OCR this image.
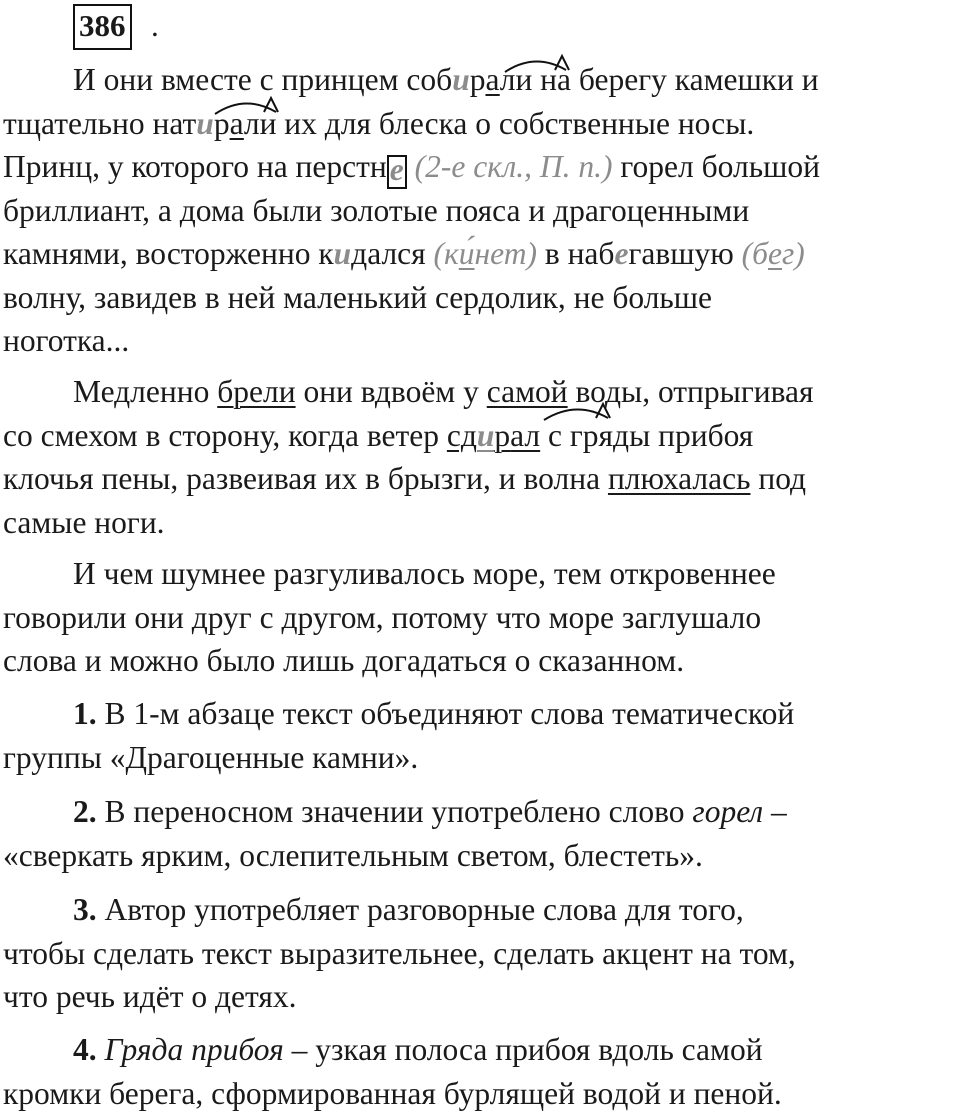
386 .
И они вместе с принцем собирали на берегу камешки и
тщательно натирали их для блеска о собственные носы.
Принц, у которого на перстне (2-е скл., П. п.) горел большой
бриллиант, а дома были золотые пояса и драгоценными
камнями, восторженно кидался (ки́нет) в набегавшую (бег)
волну, завидев в ней маленький сердолик, не больше
ноготка...
Медленно брели они вдвоём у самой воды, отпрыгивая
со смехом в сторону, когда ветер сдирал с гряды прибоя
клочья пены, развеивая их в брызги, и волна плюхалась под
самые ноги.
И чем шумнее разгуливалось море, тем откровеннее
говорили они друг с другом, потому что море заглушало
слова и можно было лишь догадаться о сказанном.
1. В 1-м абзаце текст объединяют слова тематической
группы «Драгоценные камни».
2. В переносном значении употреблено слово горел –
«сверкать ярким, ослепительным светом, блестеть».
3. Автор употребляет разговорные слова для того,
чтобы сделать текст выразительнее, сделать акцент на том,
что речь идёт о детях.
4. Гряда прибоя – узкая полоса прибоя вдоль самой
кромки берега, сформированная бурлящей водой и пеной.
